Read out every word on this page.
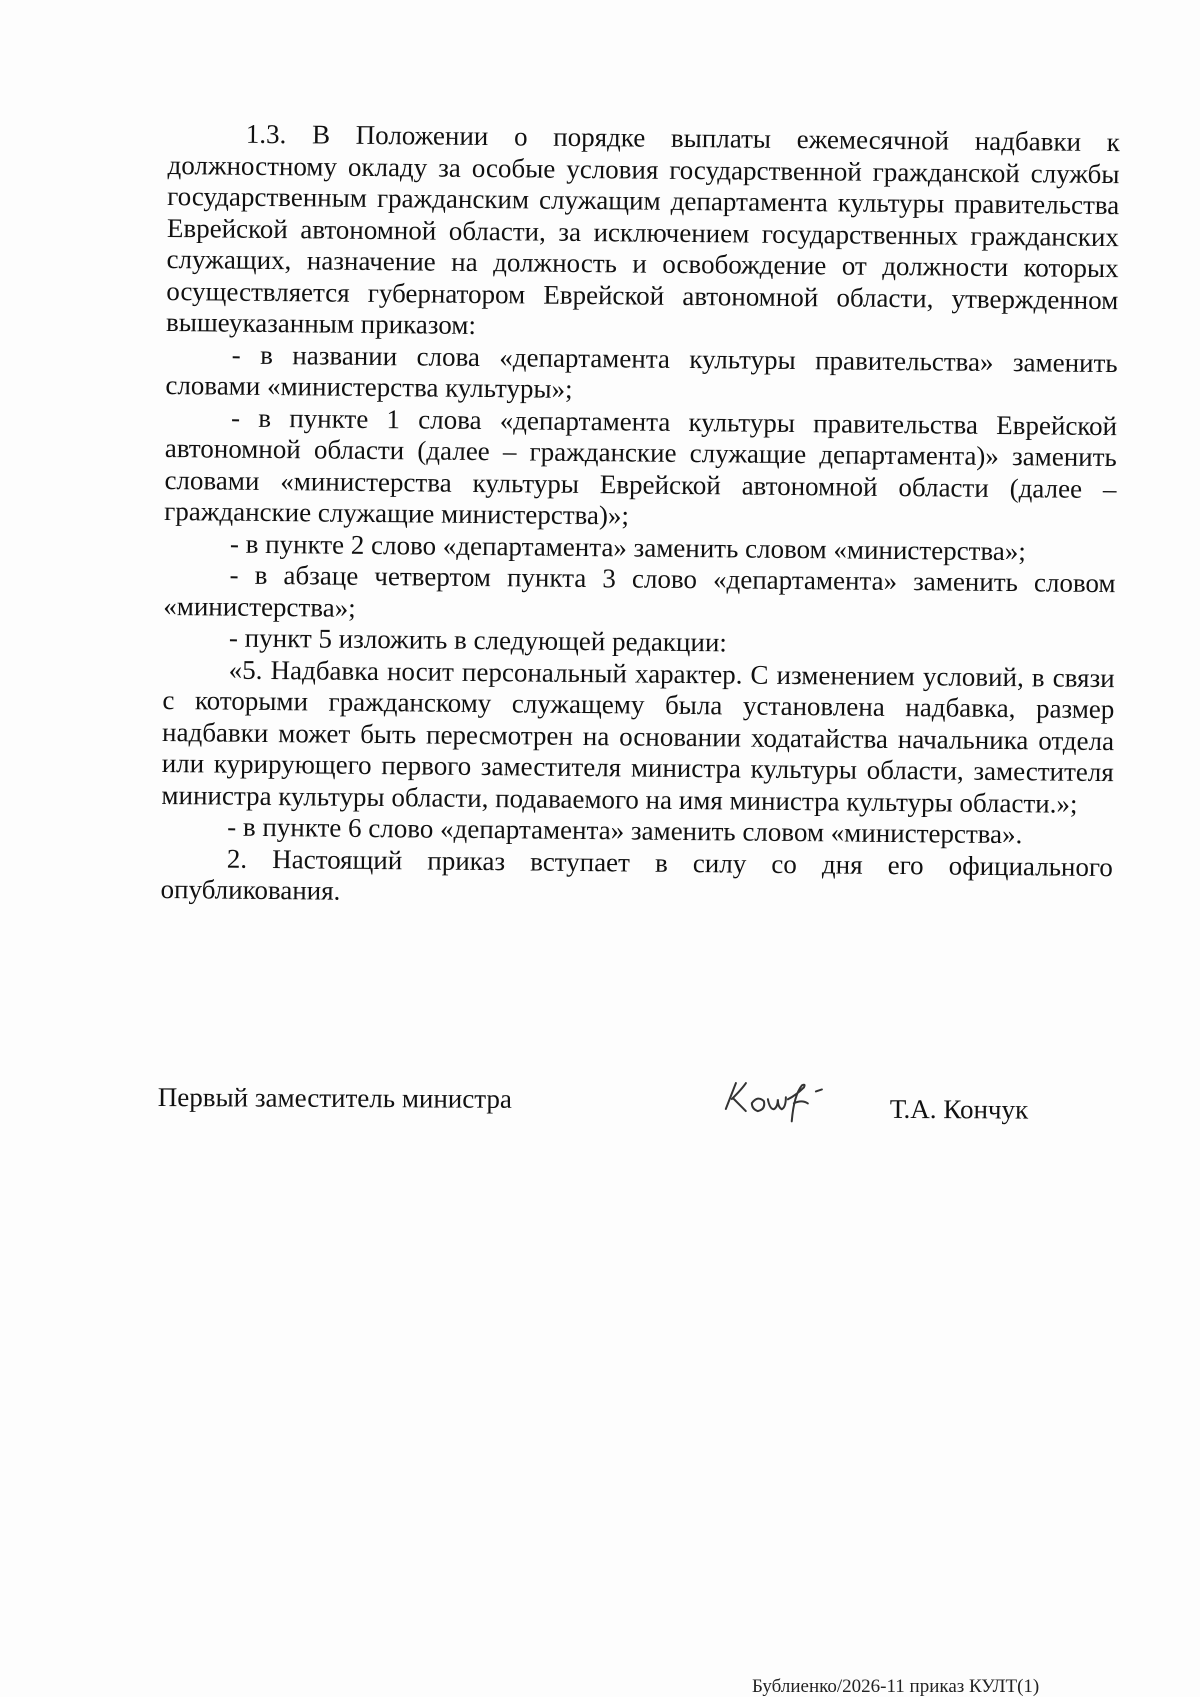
1.3. В Положении о порядке выплаты ежемесячной надбавки к должностному окладу за особые условия государственной гражданской службы государственным гражданским служащим департамента культуры правительства Еврейской автономной области, за исключением государственных гражданских служащих, назначение на должность и освобождение от должности которых осуществляется губернатором Еврейской автономной области, утвержденном вышеуказанным приказом:

- в названии слова «департамента культуры правительства» заменить словами «министерства культуры»;

- в пункте 1 слова «департамента культуры правительства Еврейской автономной области (далее – гражданские служащие департамента)» заменить словами «министерства культуры Еврейской автономной области (далее – гражданские служащие министерства)»;

- в пункте 2 слово «департамента» заменить словом «министерства»;

- в абзаце четвертом пункта 3 слово «департамента» заменить словом «министерства»;

- пункт 5 изложить в следующей редакции:

«5. Надбавка носит персональный характер. С изменением условий, в связи с которыми гражданскому служащему была установлена надбавка, размер надбавки может быть пересмотрен на основании ходатайства начальника отдела или курирующего первого заместителя министра культуры области, заместителя министра культуры области, подаваемого на имя министра культуры области.»;

- в пункте 6 слово «департамента» заменить словом «министерства».

2. Настоящий приказ вступает в силу со дня его официального опубликования.

Первый заместитель министра	Т.А. Кончук
Бублиенко/2026-11 приказ КУЛТ(1)
